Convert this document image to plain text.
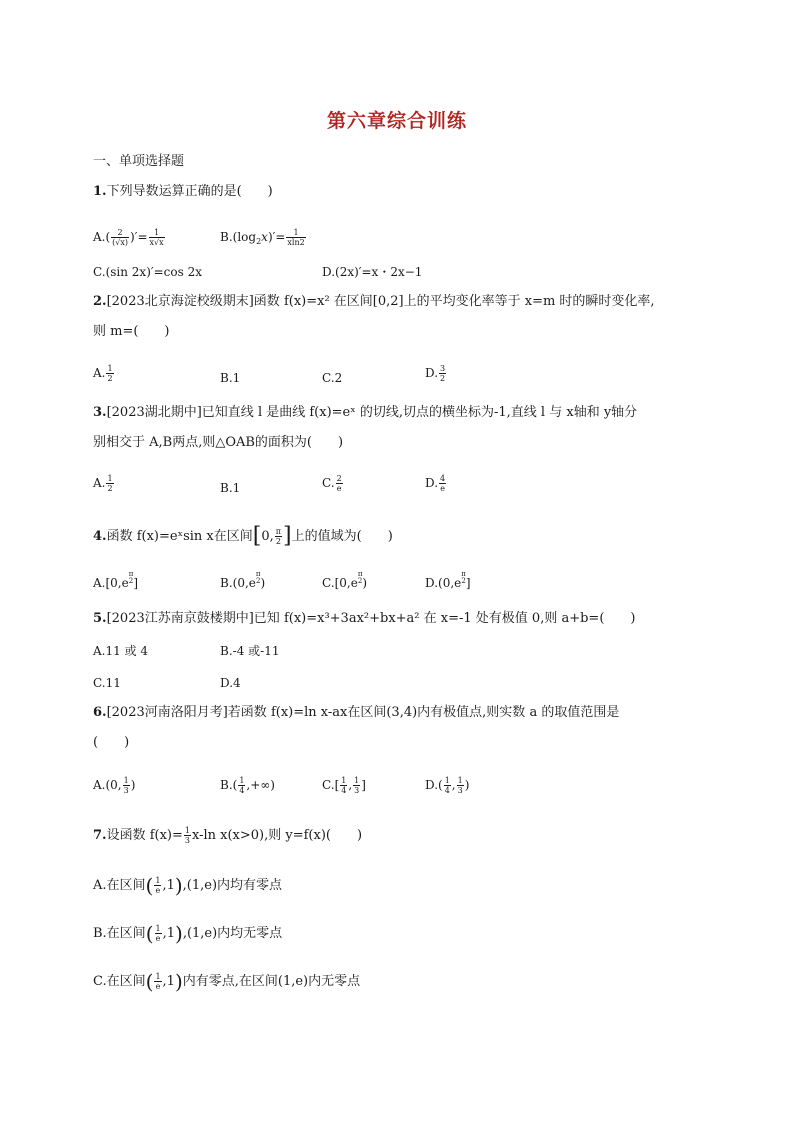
第六章综合训练
一、单项选择题
1.下列导数运算正确的是(　　)
$A.( \frac{2}{(√x)}$ )′= $\frac{1}{x√x}$	$B.(\log_2x)'= \frac{1}{xln2}$
C.(sin 2x)′=cos 2x	D.(2x)′=x・2x−1
2.[2023北京海淀校级期末]函数 f(x)=x² 在区间[0,2]上的平均变化率等于 x=m 时的瞬时变化率,
则 m=(　　)
A. $\frac{1}{2}$	B.1	C.2	D. $\frac{3}{2}$
3.[2023湖北期中]已知直线 l 是曲线 f(x)=eˣ 的切线,切点的横坐标为-1,直线 l 与 x轴和 y轴分
别相交于 A,B两点,则△OAB的面积为(　　)
A. $\frac{1}{2}$	B.1	C. $\frac{2}{e}$	D. $\frac{4}{e}$
4.函数 f(x)=eˣsin x在区间[0, $\frac{\pi}{2}$ ]上的值域为(　　)
A.[0,e
π
2 ]	B.(0,e
π
2 )	C.[0,e
π
2 )	D.(0,e
π
2 ]
5.[2023江苏南京鼓楼期中]已知 f(x)=x³+3ax²+bx+a² 在 x=-1 处有极值 0,则 a+b=(　　)
A.11 或 4	B.-4 或-11
C.11	D.4
6.[2023河南洛阳月考]若函数 f(x)=ln x-ax在区间(3,4)内有极值点,则实数 a 的取值范围是
(　　)
A.(0, $\frac{1}{3}$ )	$B.( \frac{1}{4}$ ,+∞)	$C.[ \frac{1}{4}$ , $\frac{1}{3}$ ]	$D.( \frac{1}{4}$ , $\frac{1}{3}$ )
7.设函数 $f(x)= \frac{1}{3} x-\ln$ x(x>0),则 y=f(x)(　　)
A.在区间( $\frac{1}{e} ,1),(1,e)$内均有零点
B.在区间( $\frac{1}{e} ,1),(1,e)$内均无零点
C.在区间( $\frac{1}{e} ,1$)内有零点,在区间(1,e)内无零点
